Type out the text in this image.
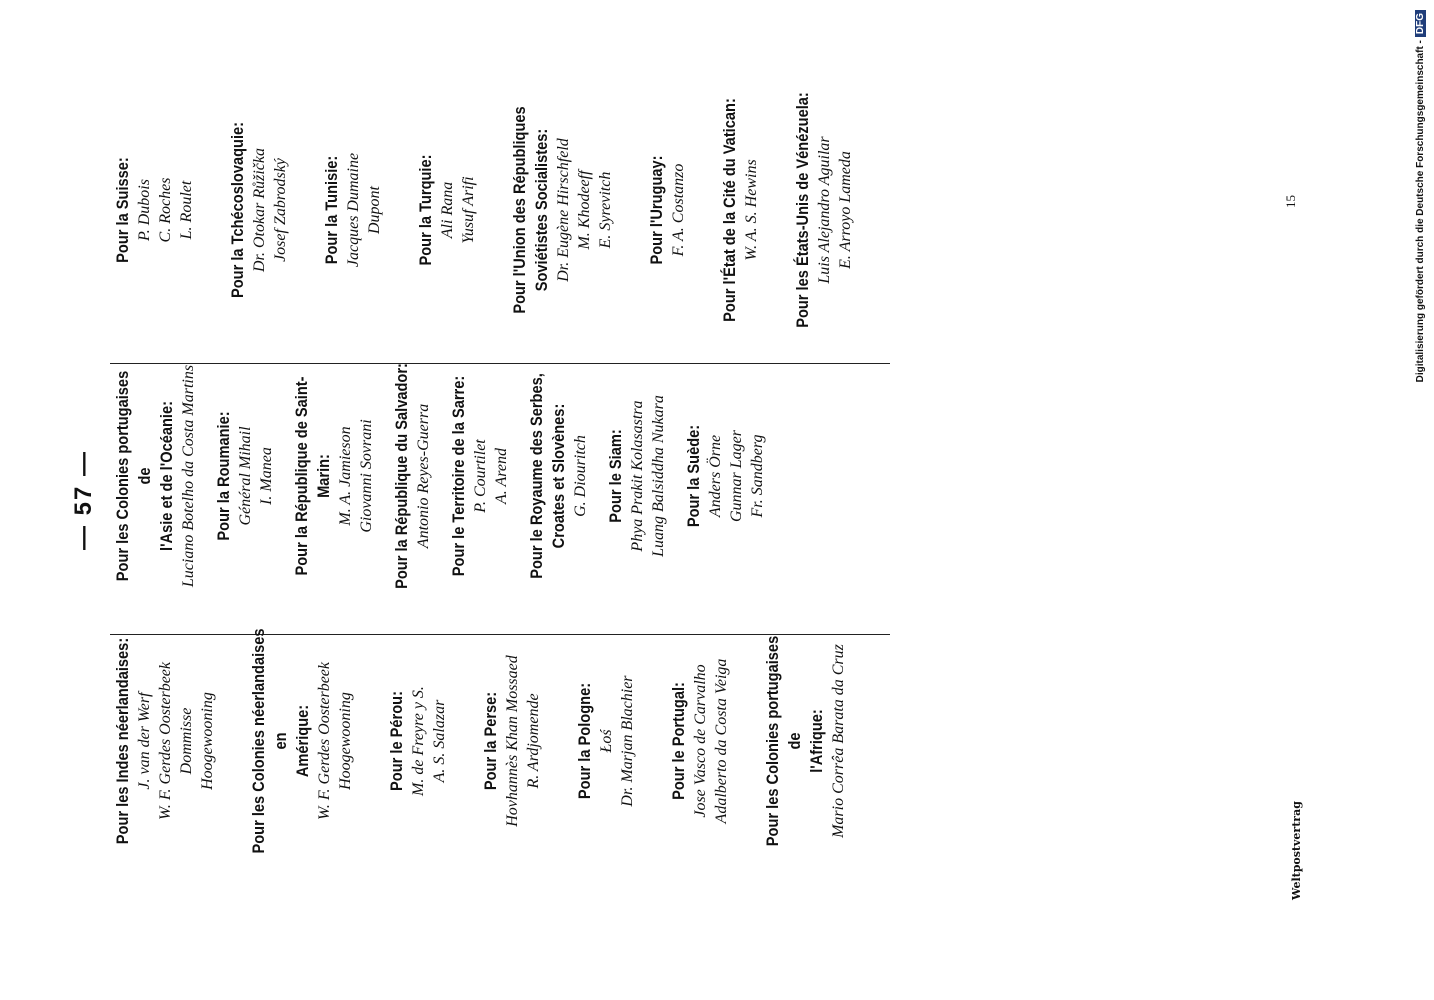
— 57 —
Pour les Indes néerlandaises: J. van der Werf W. F. Gerdes Oosterbeek Dommisse Hoogewooning Pour les Colonies néerlandaises en Amérique: W. F. Gerdes Oosterbeek Hoogewooning Pour le Pérou: M. de Freyre y S. A. S. Salazar Pour la Perse: Hovhannès Khan Mossaed R. Ardjomende Pour la Pologne: Łoś Dr. Marjan Blachier Pour le Portugal: Jose Vasco de Carvalho Adalberto da Costa Veiga Pour les Colonies portugaises de l'Afrique: Mario Corrêa Barata da Cruz
Pour les Colonies portugaises de l'Asie et de l'Océanie: Luciano Botelho da Costa Martins Pour la Roumanie: Général Mihail I. Manea Pour la République de Saint-Marin: M. A. Jamieson Giovanni Sovrani Pour la République du Salvador: Antonio Reyes-Guerra Pour le Territoire de la Sarre: P. Courtilet A. Arend Pour le Royaume des Serbes, Croates et Slovènes: G. Diouritch Pour le Siam: Phya Prakit Kolasastra Luang Balsiddha Nukara Pour la Suède: Anders Örne Gunnar Lager Fr. Sandberg
Pour la Suisse: P. Dubois C. Roches L. Roulet Pour la Tchécoslovaquie: Dr. Otokar Růžička Josef Zabrodský Pour la Tunisie: Jacques Dumaine Dupont Pour la Turquie: Ali Rana Yusuf Arifi Pour l'Union des Républiques Soviétistes Socialistes: Dr. Eugène Hirschfeld M. Khodeeff E. Syrevitch Pour l'Uruguay: F. A. Costanzo Pour l'État de la Cité du Vatican: W. A. S. Hewins Pour les États-Unis de Vénézuela: Luis Alejandro Aguilar E. Arroyo Lameda
Weltpostvertrag
15	Digitalisierung gefördert durch die Deutsche Forschungsgemeinschaft -DFG
